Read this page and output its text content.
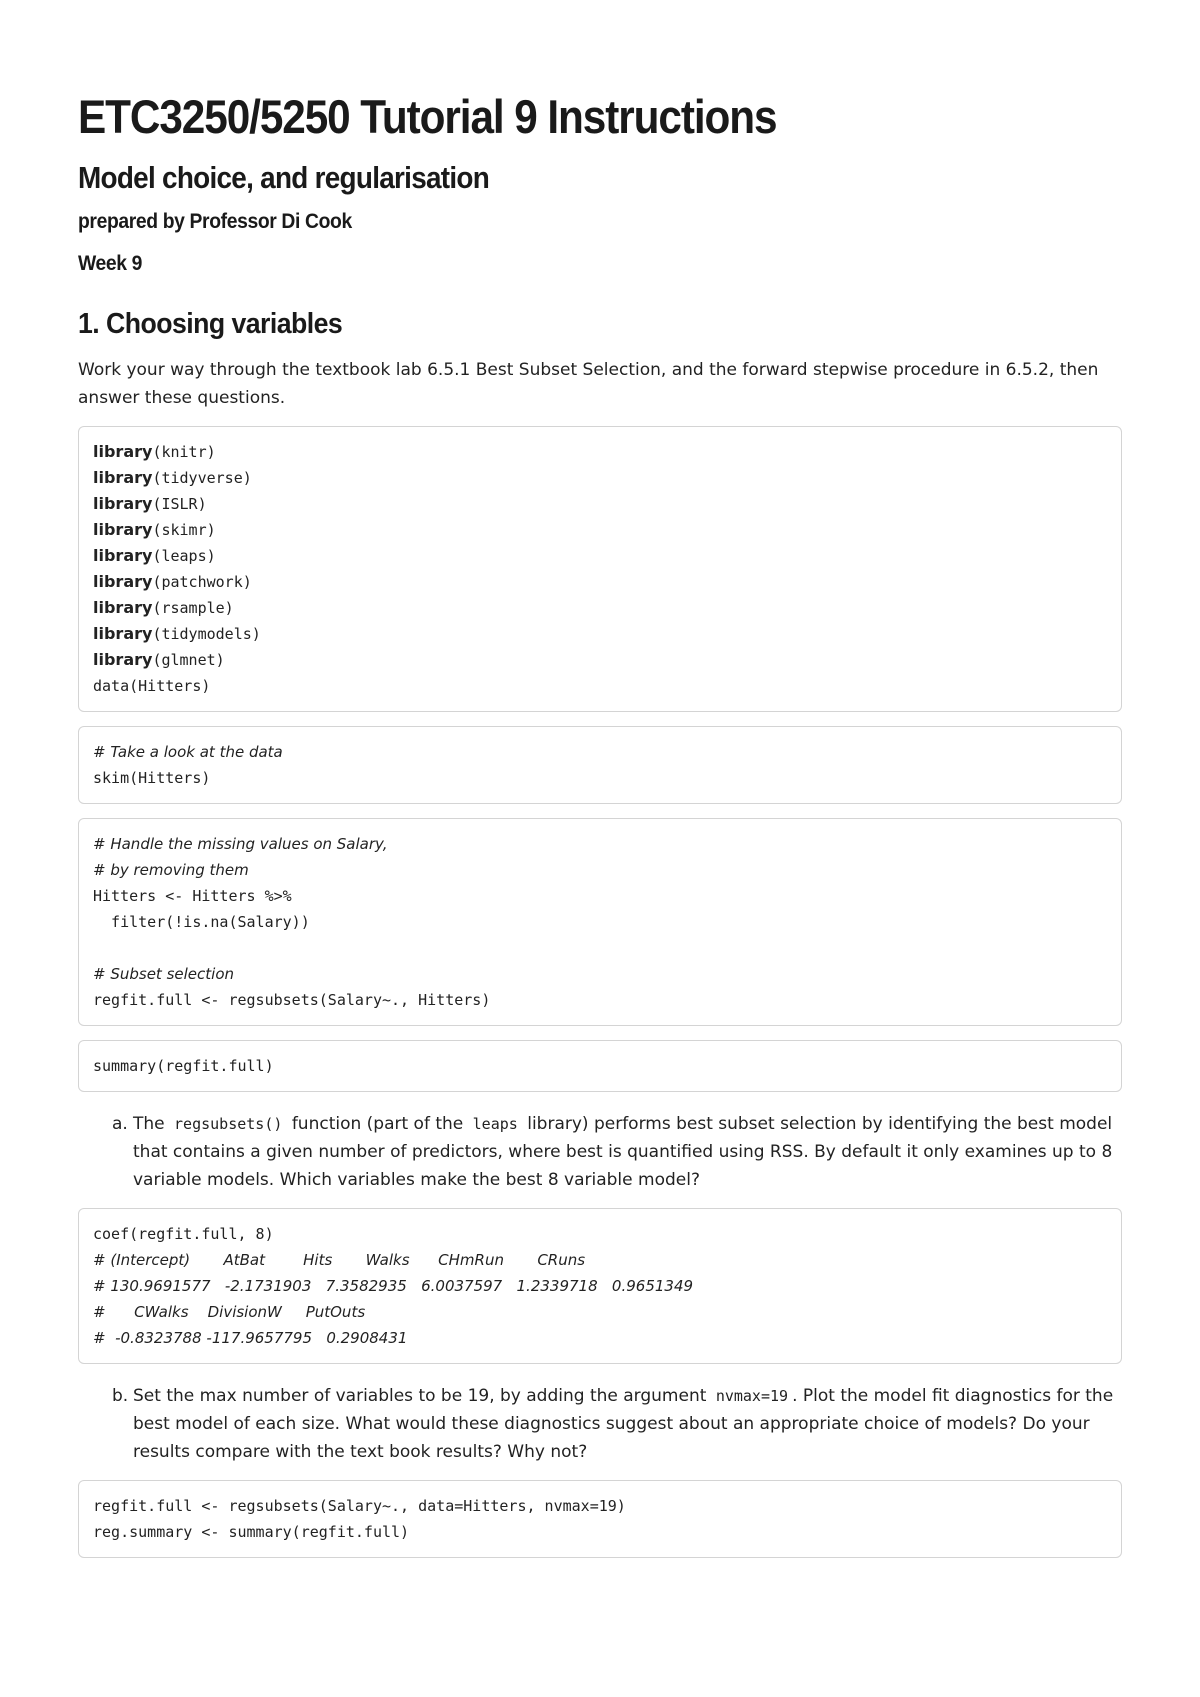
ETC3250/5250 Tutorial 9 Instructions
Model choice, and regularisation
prepared by Professor Di Cook
Week 9
1. Choosing variables

Work your way through the textbook lab 6.5.1 Best Subset Selection, and the forward stepwise procedure in 6.5.2, then answer these questions.

library(knitr)
library(tidyverse)
library(ISLR)
library(skimr)
library(leaps)
library(patchwork)
library(rsample)
library(tidymodels)
library(glmnet)
data(Hitters)
# Take a look at the data
skim(Hitters)
# Handle the missing values on Salary,
# by removing them
Hitters <- Hitters %>%
filter(!is.na(Salary))
# Subset selection
regfit.full <- regsubsets(Salary~., Hitters)
summary(regfit.full)
a. The regsubsets() function (part of the leaps library) performs best subset selection by identifying the best model that contains a given number of predictors, where best is quantified using RSS. By default it only examines up to 8 variable models. Which variables make the best 8 variable model?
coef(regfit.full, 8)
# (Intercept)       AtBat        Hits       Walks      CHmRun       CRuns
# 130.9691577   -2.1731903   7.3582935   6.0037597   1.2339718   0.9651349
#      CWalks    DivisionW     PutOuts
#  -0.8323788 -117.9657795   0.2908431
b. Set the max number of variables to be 19, by adding the argument nvmax=19 . Plot the model fit diagnostics for the best model of each size. What would these diagnostics suggest about an appropriate choice of models? Do your results compare with the text book results? Why not?
regfit.full <- regsubsets(Salary~., data=Hitters, nvmax=19)
reg.summary <- summary(regfit.full)
